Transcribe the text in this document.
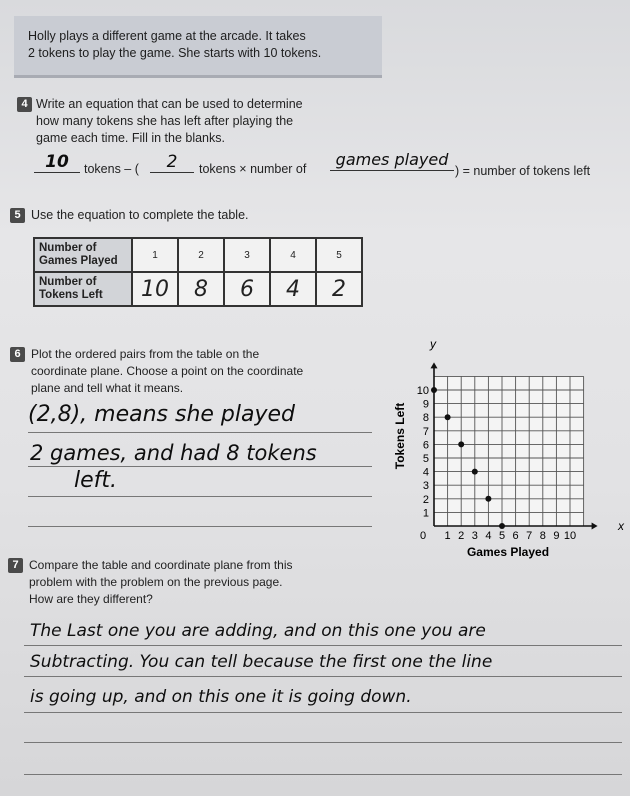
Holly plays a different game at the arcade. It takes
2 tokens to play the game. She starts with 10 tokens.
4 Write an equation that can be used to determine
how many tokens she has left after playing the
game each time. Fill in the blanks.
10	tokens – (	2	tokens × number of	games played
) = number of tokens left
5 Use the equation to complete the table.
Number of Games Played	1	2	3	4	5
Number of Tokens Left	10	8	6	4	2
6 Plot the ordered pairs from the table on the
coordinate plane. Choose a point on the coordinate
plane and tell what it means.
(2,8), means she played
2 games, and had 8 tokens
left.
1 2 3 4 5 6 7 8 9 10
1
2
3
4
5
6
7
8
9
10
Games Played
Tokens Left
x
y
0
7 Compare the table and coordinate plane from this
problem with the problem on the previous page.
How are they different?
The Last one you are adding, and on this one you are
Subtracting. You can tell because the first one the line
is going up, and on this one it is going down.
